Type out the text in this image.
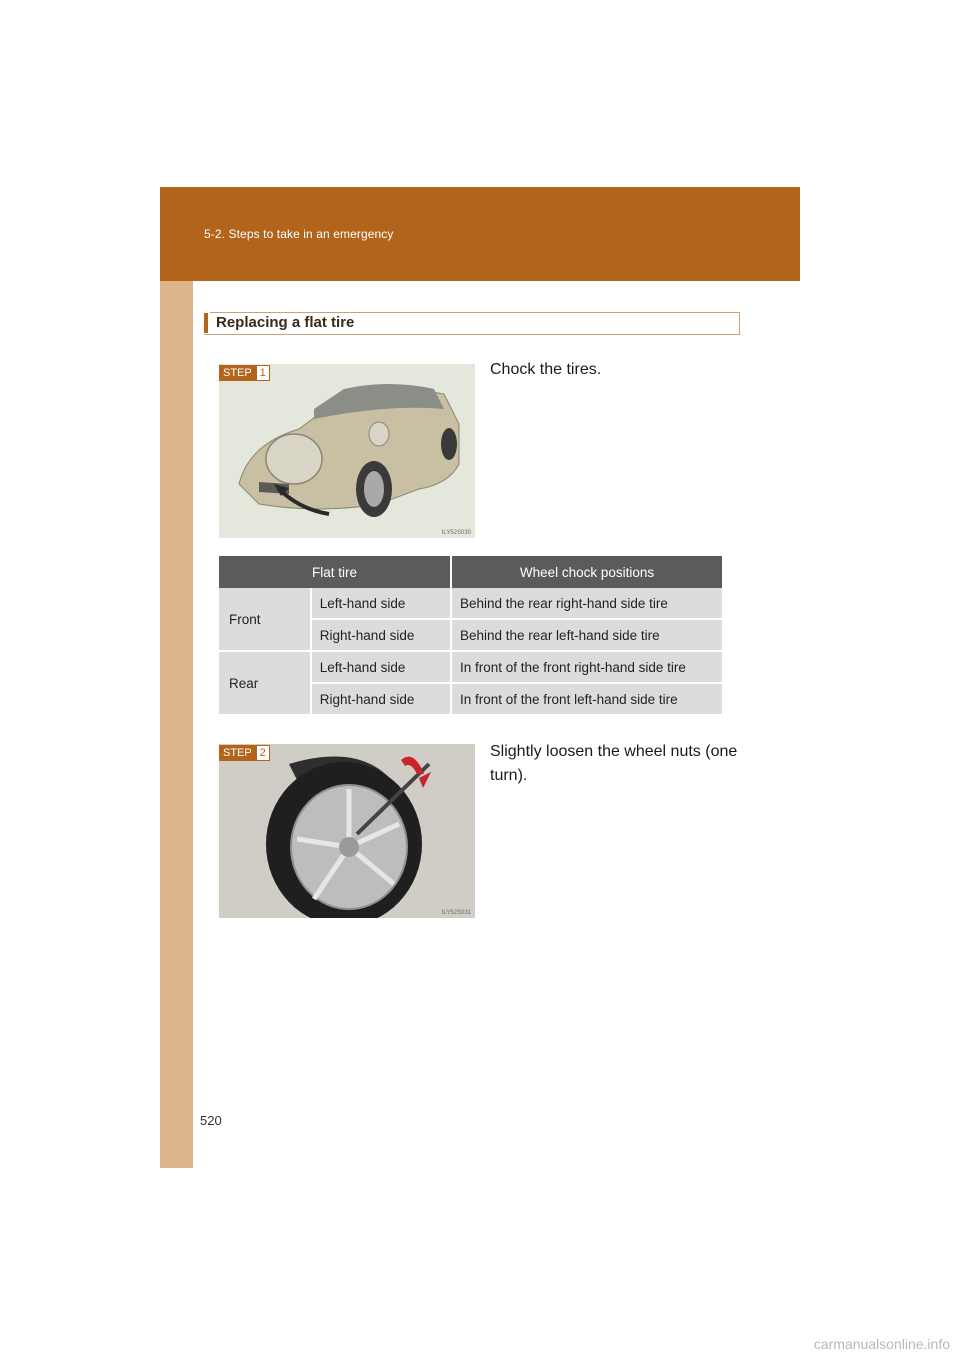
5-2. Steps to take in an emergency
Replacing a flat tire
ILY52S030
STEP 1	Chock the tires.
Flat tire		Wheel chock positions
Front	Left-hand side	Behind the rear right-hand side tire
	Right-hand side	Behind the rear left-hand side tire
Rear	Left-hand side	In front of the front right-hand side tire
	Right-hand side	In front of the front left-hand side tire
ILY52S031
STEP 2	Slightly loosen the wheel nuts (one turn).
520
carmanualsonline.info
